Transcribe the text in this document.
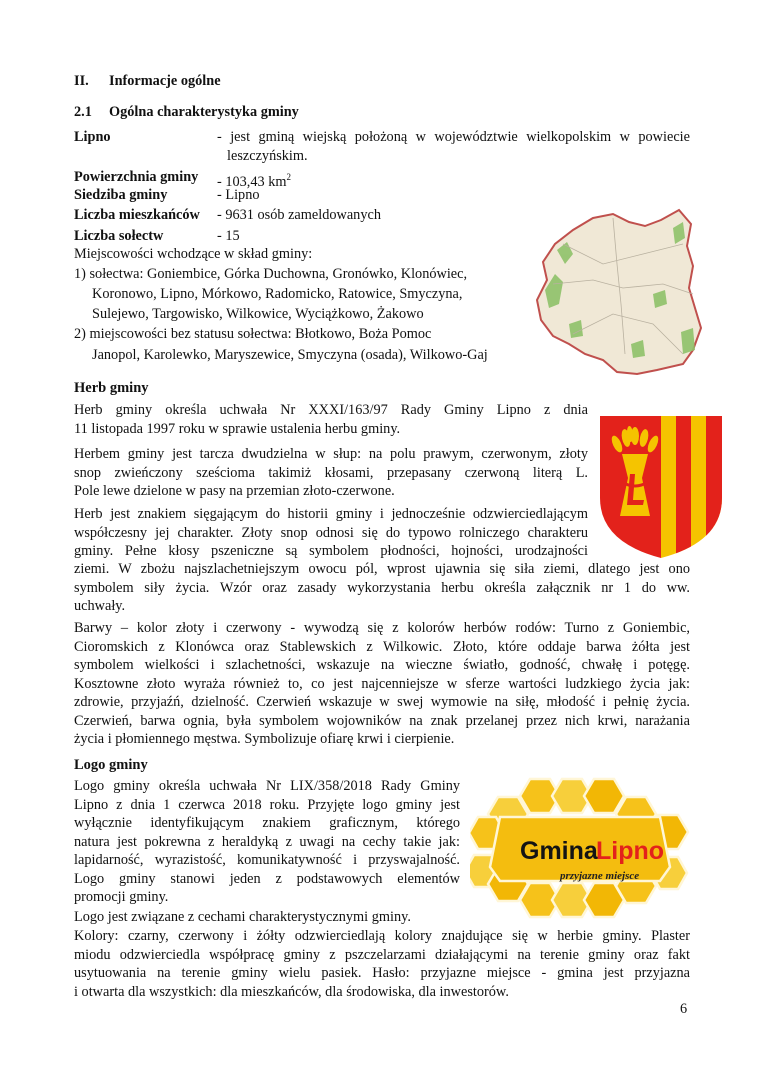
II. Informacje ogólne
2.1 Ogólna charakterystyka gminy
Lipno	- jest gminą wiejską położoną w województwie wielkopolskim w powiecie
leszczyńskim.
Powierzchnia gminy - 103,43 $km^2$
Siedziba gminy	- Lipno
Liczba mieszkańców - 9631 osób zameldowanych
Liczba sołectw	- 15
Miejscowości wchodzące w skład gminy:
1) sołectwa: Goniembice, Górka Duchowna, Gronówko, Klonówiec,
Koronowo, Lipno, Mórkowo, Radomicko, Ratowice, Smyczyna,
Sulejewo, Targowisko, Wilkowice, Wyciążkowo, Żakowo
2) miejscowości bez statusu sołectwa: Błotkowo, Boża Pomoc
Janopol, Karolewko, Maryszewice, Smyczyna (osada), Wilkowo-Gaj
Herb gminy
Herb gminy określa uchwała Nr XXXI/163/97 Rady Gminy Lipno z dnia
11 listopada 1997 roku w sprawie ustalenia herbu gminy.
Herbem gminy jest tarcza dwudzielna w słup: na polu prawym, czerwonym, złoty
snop zwieńczony sześcioma takimiż kłosami, przepasany czerwoną literą L.
Pole lewe dzielone w pasy na przemian złoto-czerwone.
Herb jest znakiem sięgającym do historii gminy i jednocześnie odzwierciedlającym
współczesny jej charakter. Złoty snop odnosi się do typowo rolniczego charakteru
gminy. Pełne kłosy pszeniczne są symbolem płodności, hojności, urodzajności
ziemi. W zbożu najszlachetniejszym owocu pól, wprost ujawnia się siła ziemi, dlatego jest ono
symbolem siły życia. Wzór oraz zasady wykorzystania herbu określa załącznik nr 1 do ww.
uchwały.
Barwy – kolor złoty i czerwony - wywodzą się z kolorów herbów rodów: Turno z Goniembic,
Cioromskich z Klonówca oraz Stablewskich z Wilkowic. Złoto, które oddaje barwa żółta jest
symbolem wielkości i szlachetności, wskazuje na wieczne światło, godność, chwałę i potęgę.
Kosztowne złoto wyraża również to, co jest najcenniejsze w sferze wartości ludzkiego życia jak:
zdrowie, przyjaźń, dzielność. Czerwień wskazuje w swej wymowie na siłę, młodość i pełnię życia.
Czerwień, barwa ognia, była symbolem wojowników na znak przelanej przez nich krwi, narażania
życia i płomiennego męstwa. Symbolizuje ofiarę krwi i cierpienie.
Logo gminy
Logo gminy określa uchwała Nr LIX/358/2018 Rady Gminy
Lipno z dnia 1 czerwca 2018 roku. Przyjęte logo gminy jest
wyłącznie identyfikującym znakiem graficznym, którego
natura jest pokrewna z heraldyką z uwagi na cechy takie jak:
lapidarność, wyrazistość, komunikatywność i przyswajalność.
Logo gminy stanowi jeden z podstawowych elementów
promocji gminy.
Logo jest związane z cechami charakterystycznymi gminy.
Kolory: czarny, czerwony i żółty odzwierciedlają kolory znajdujące się w herbie gminy. Plaster
miodu odzwierciedla współpracę gminy z pszczelarzami działającymi na terenie gminy oraz fakt
usytuowania na terenie gminy wielu pasiek. Hasło: przyjazne miejsce - gmina jest przyjazna
i otwarta dla wszystkich: dla mieszkańców, dla środowiska, dla inwestorów.
Gmina
Lipno
przyjazne miejsce
6
